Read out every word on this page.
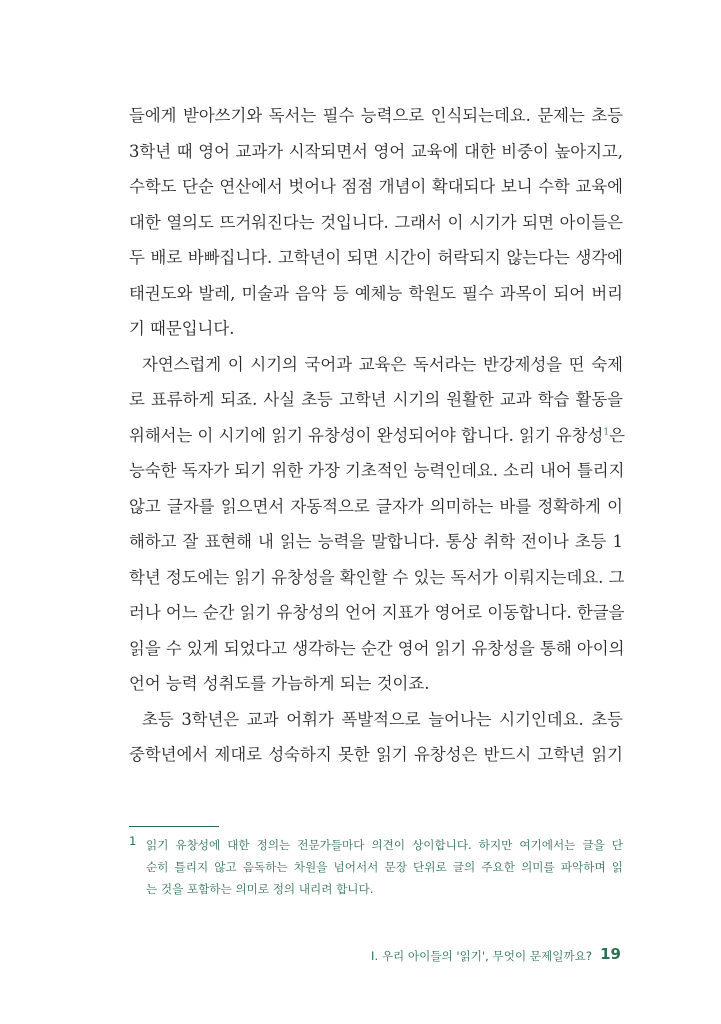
들에게 받아쓰기와 독서는 필수 능력으로 인식되는데요. 문제는 초등
3학년 때 영어 교과가 시작되면서 영어 교육에 대한 비중이 높아지고,
수학도 단순 연산에서 벗어나 점점 개념이 확대되다 보니 수학 교육에
대한 열의도 뜨거워진다는 것입니다. 그래서 이 시기가 되면 아이들은
두 배로 바빠집니다. 고학년이 되면 시간이 허락되지 않는다는 생각에
태권도와 발레, 미술과 음악 등 예체능 학원도 필수 과목이 되어 버리
기 때문입니다.
자연스럽게 이 시기의 국어과 교육은 독서라는 반강제성을 띤 숙제
로 표류하게 되죠. 사실 초등 고학년 시기의 원활한 교과 학습 활동을
위해서는 이 시기에 읽기 유창성이 완성되어야 합니다. 읽기 유창성$^1$은
능숙한 독자가 되기 위한 가장 기초적인 능력인데요. 소리 내어 틀리지
않고 글자를 읽으면서 자동적으로 글자가 의미하는 바를 정확하게 이
해하고 잘 표현해 내 읽는 능력을 말합니다. 통상 취학 전이나 초등 1
학년 정도에는 읽기 유창성을 확인할 수 있는 독서가 이뤄지는데요. 그
러나 어느 순간 읽기 유창성의 언어 지표가 영어로 이동합니다. 한글을
읽을 수 있게 되었다고 생각하는 순간 영어 읽기 유창성을 통해 아이의
언어 능력 성취도를 가늠하게 되는 것이죠.
초등 3학년은 교과 어휘가 폭발적으로 늘어나는 시기인데요. 초등
중학년에서 제대로 성숙하지 못한 읽기 유창성은 반드시 고학년 읽기
1 읽기 유창성에 대한 정의는 전문가들마다 의견이 상이합니다. 하지만 여기에서는 글을 단
순히 틀리지 않고 음독하는 차원을 넘어서서 문장 단위로 글의 주요한 의미를 파악하며 읽
는 것을 포함하는 의미로 정의 내리려 합니다.
I. 우리 아이들의 '읽기', 무엇이 문제일까요? 19
